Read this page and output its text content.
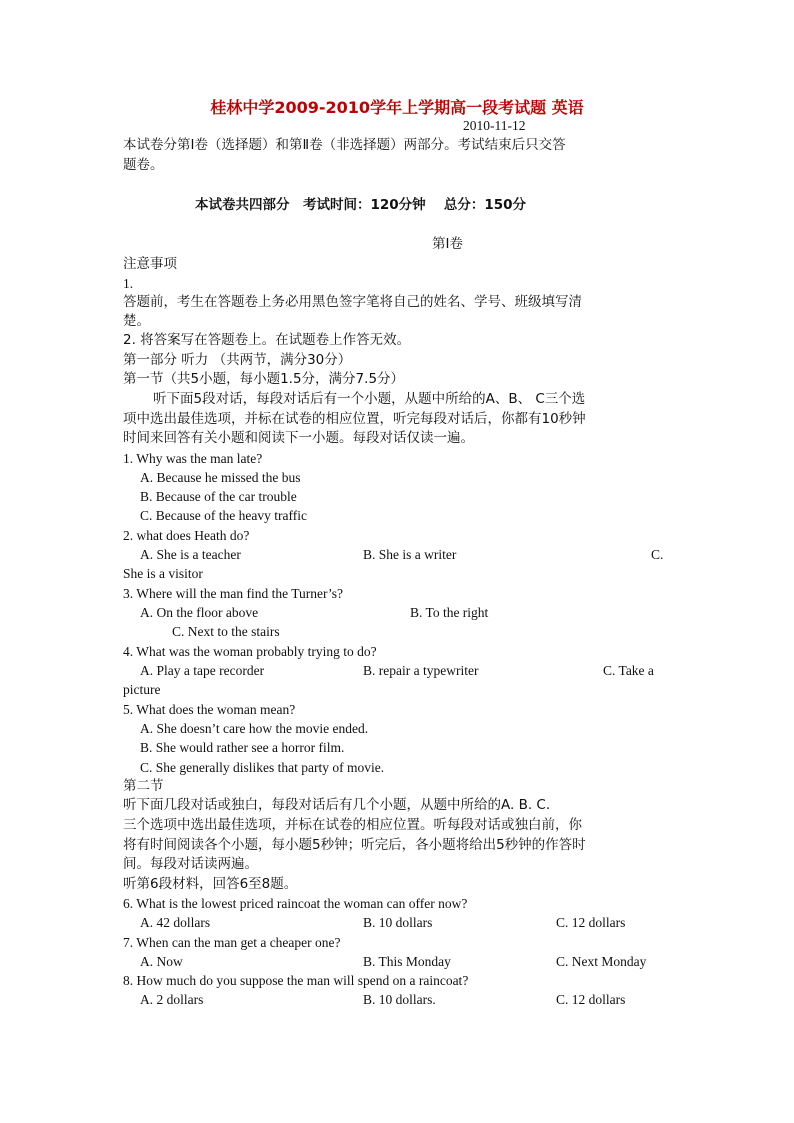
桂林中学2009-2010学年上学期高一段考试题 英语
2010-11-12
本试卷分第Ⅰ卷（选择题）和第Ⅱ卷（非选择题）两部分。考试结束后只交答
题卷。
本试卷共四部分　考试时间：120分钟　 总分：150分
第Ⅰ卷
注意事项
1.
答题前，考生在答题卷上务必用黑色签字笔将自己的姓名、学号、班级填写清
楚。
2. 将答案写在答题卷上。在试题卷上作答无效。
第一部分 听力 （共两节，满分30分）
第一节（共5小题，每小题1.5分，满分7.5分）
听下面5段对话，每段对话后有一个小题，从题中所给的A、B、 C三个选
项中选出最佳选项，并标在试卷的相应位置，听完每段对话后，你都有10秒钟
时间来回答有关小题和阅读下一小题。每段对话仅读一遍。
1. Why was the man late?
A. Because he missed the bus
B. Because of the car trouble
C. Because of the heavy traffic
2. what does Heath do?
A. She is a teacher	B. She is a writer	C.
She is a visitor
3. Where will the man find the Turner’s?
A. On the floor above	B. To the right
C. Next to the stairs
4. What was the woman probably trying to do?
A. Play a tape recorder	B. repair a typewriter	C. Take a
picture
5. What does the woman mean?
A. She doesn’t care how the movie ended.
B. She would rather see a horror film.
C. She generally dislikes that party of movie.
第二节
听下面几段对话或独白，每段对话后有几个小题，从题中所给的A. B. C.
三个选项中选出最佳选项，并标在试卷的相应位置。听每段对话或独白前，你
将有时间阅读各个小题，每小题5秒钟；听完后，各小题将给出5秒钟的作答时
间。每段对话读两遍。
听第6段材料，回答6至8题。
6. What is the lowest priced raincoat the woman can offer now?
A. 42 dollars	B. 10 dollars	C. 12 dollars
7. When can the man get a cheaper one?
A. Now	B. This Monday	C. Next Monday
8. How much do you suppose the man will spend on a raincoat?
A. 2 dollars	B. 10 dollars.	C. 12 dollars
